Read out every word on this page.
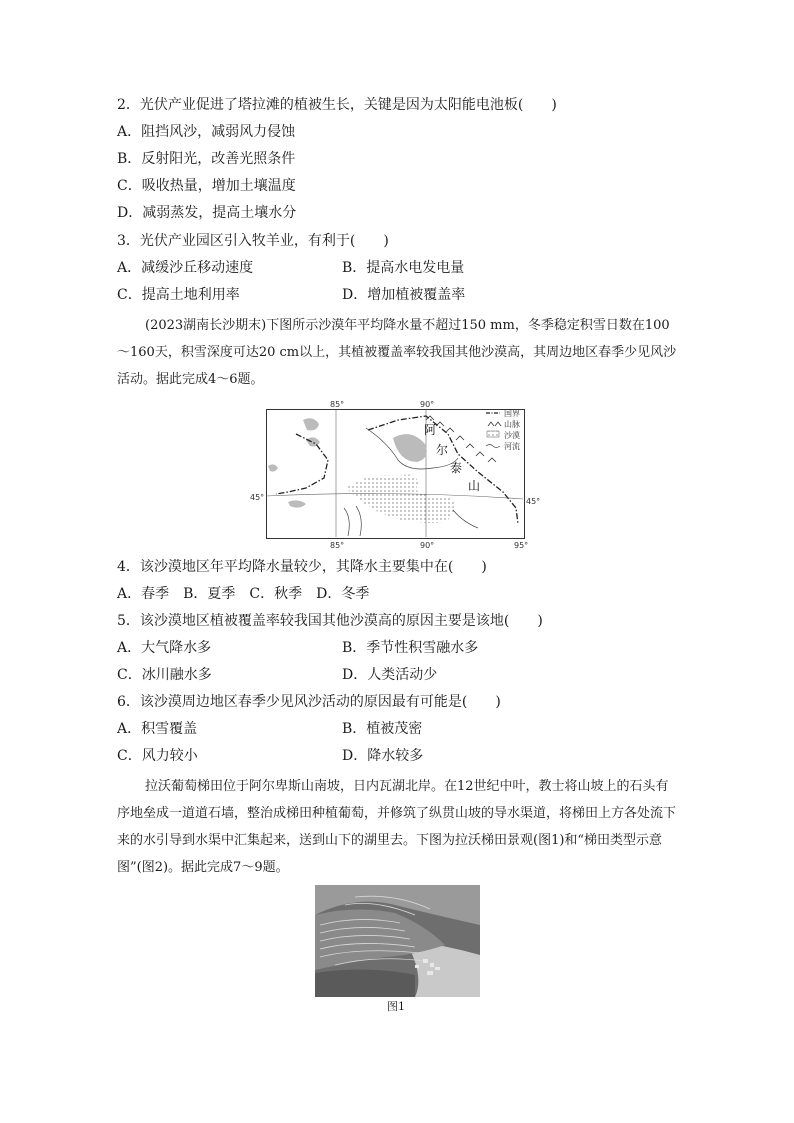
2．光伏产业促进了塔拉滩的植被生长，关键是因为太阳能电池板(　　)
A．阻挡风沙，减弱风力侵蚀
B．反射阳光，改善光照条件
C．吸收热量，增加土壤温度
D．减弱蒸发，提高土壤水分
3．光伏产业园区引入牧羊业，有利于(　　)
A．减缓沙丘移动速度	B．提高水电发电量
C．提高土地利用率	D．增加植被覆盖率
(2023湖南长沙期末)下图所示沙漠年平均降水量不超过150 mm，冬季稳定积雪日数在100～160天，积雪深度可达20 cm以上，其植被覆盖率较我国其他沙漠高，其周边地区春季少见风沙活动。据此完成4～6题。
85°	90°
95°
85°	90°
45°	45°
阿
尔
泰
山
国界
山脉
沙漠
河流
4．该沙漠地区年平均降水量较少，其降水主要集中在(　　)
A．春季　B．夏季　C．秋季　D．冬季
5．该沙漠地区植被覆盖率较我国其他沙漠高的原因主要是该地(　　)
A．大气降水多	B．季节性积雪融水多
C．冰川融水多	D．人类活动少
6．该沙漠周边地区春季少见风沙活动的原因最有可能是(　　)
A．积雪覆盖	B．植被茂密
C．风力较小	D．降水较多
拉沃葡萄梯田位于阿尔卑斯山南坡，日内瓦湖北岸。在12世纪中叶，教士将山坡上的石头有序地垒成一道道石墙，整治成梯田种植葡萄，并修筑了纵贯山坡的导水渠道，将梯田上方各处流下来的水引导到水渠中汇集起来，送到山下的湖里去。下图为拉沃梯田景观(图1)和“梯田类型示意图”(图2)。据此完成7～9题。
图1
